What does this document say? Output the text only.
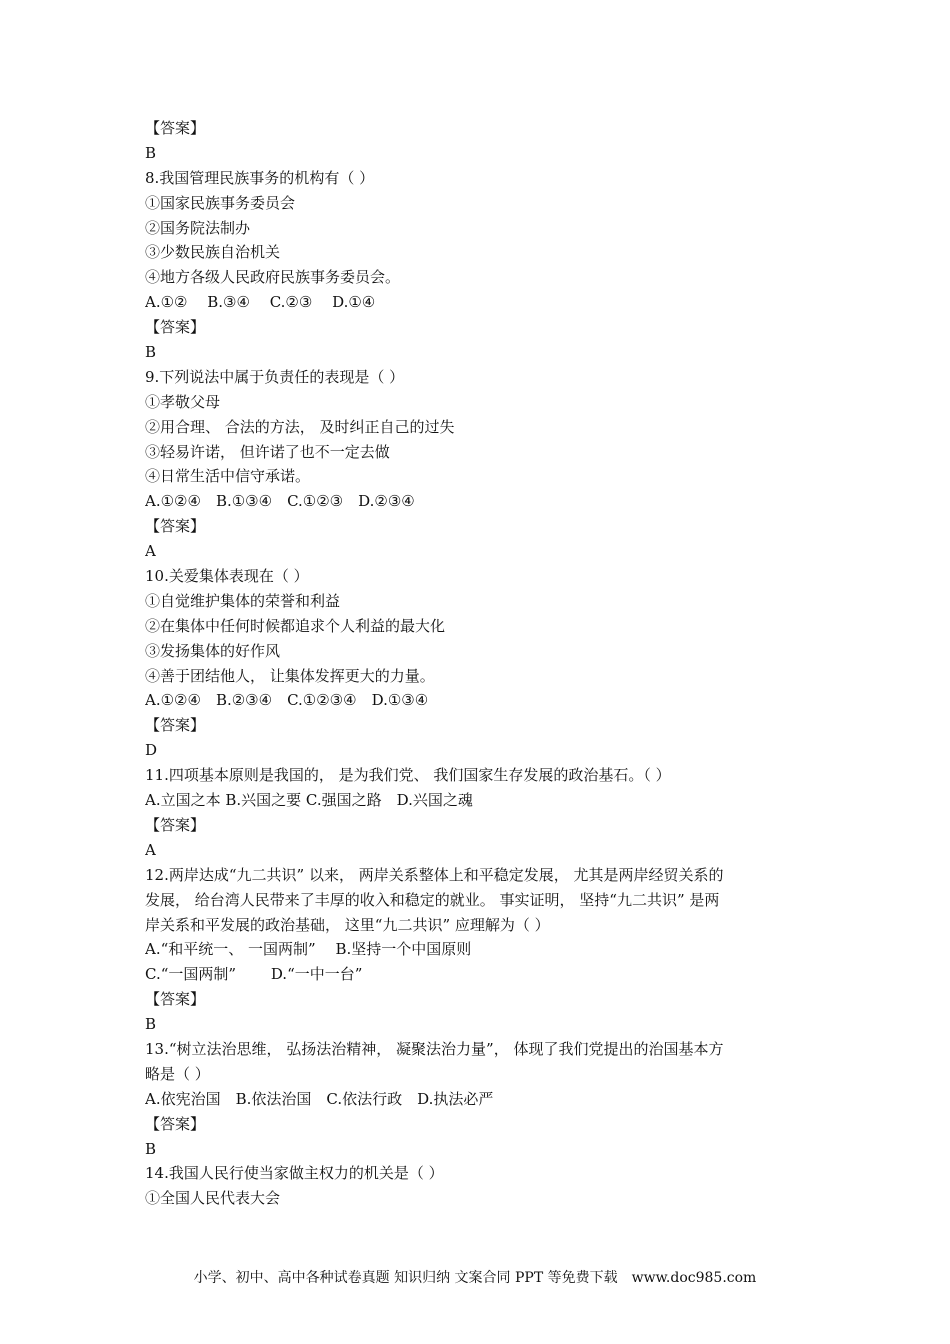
【答案】
B
8.我国管理民族事务的机构有（ ）
①国家民族事务委员会
②国务院法制办
③少数民族自治机关
④地方各级人民政府民族事务委员会。
A.①②　 B.③④　 C.②③　 D.①④
【答案】
B
9.下列说法中属于负责任的表现是（ ）
①孝敬父母
②用合理、 合法的方法， 及时纠正自己的过失
③轻易许诺， 但许诺了也不一定去做
④日常生活中信守承诺。
A.①②④　B.①③④　C.①②③　D.②③④
【答案】
A
10.关爱集体表现在（ ）
①自觉维护集体的荣誉和利益
②在集体中任何时候都追求个人利益的最大化
③发扬集体的好作风
④善于团结他人， 让集体发挥更大的力量。
A.①②④　B.②③④　C.①②③④　D.①③④
【答案】
D
11.四项基本原则是我国的， 是为我们党、 我们国家生存发展的政治基石。（ ）
A.立国之本 B.兴国之要 C.强国之路　D.兴国之魂
【答案】
A
12.两岸达成“九二共识” 以来， 两岸关系整体上和平稳定发展， 尤其是两岸经贸关系的
发展， 给台湾人民带来了丰厚的收入和稳定的就业。 事实证明， 坚持“九二共识” 是两
岸关系和平发展的政治基础， 这里“九二共识” 应理解为（ ）
A.“和平统一、 一国两制”　 B.坚持一个中国原则
C.“一国两制”　　 D.“一中一台”
【答案】
B
13.“树立法治思维， 弘扬法治精神， 凝聚法治力量”， 体现了我们党提出的治国基本方
略是（ ）
A.依宪治国　B.依法治国　C.依法行政　D.执法必严
【答案】
B
14.我国人民行使当家做主权力的机关是（ ）
①全国人民代表大会
小学、初中、高中各种试卷真题 知识归纳 文案合同 PPT 等免费下载　www.doc985.com
